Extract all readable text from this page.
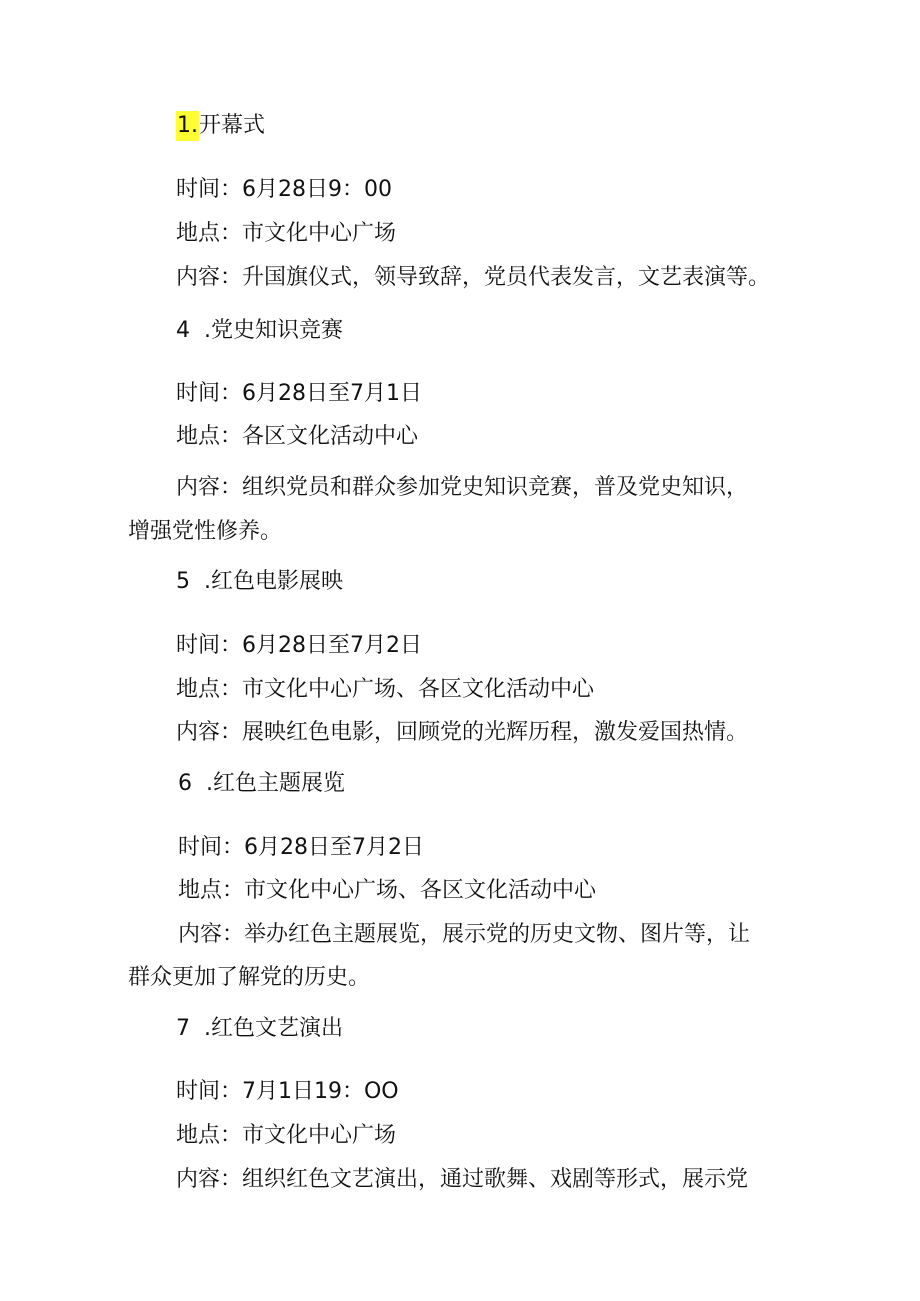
1.开幕式
时间：6月28日9：00
地点：市文化中心广场
内容：升国旗仪式，领导致辞，党员代表发言，文艺表演等。
4 .党史知识竞赛
时间：6月28日至7月1日
地点：各区文化活动中心
内容：组织党员和群众参加党史知识竞赛，普及党史知识，
增强党性修养。
5 .红色电影展映
时间：6月28日至7月2日
地点：市文化中心广场、各区文化活动中心
内容：展映红色电影，回顾党的光辉历程，激发爱国热情。
6 .红色主题展览
时间：6月28日至7月2日
地点：市文化中心广场、各区文化活动中心
内容：举办红色主题展览，展示党的历史文物、图片等，让
群众更加了解党的历史。
7 .红色文艺演出
时间：7月1日19：OO
地点：市文化中心广场
内容：组织红色文艺演出，通过歌舞、戏剧等形式，展示党
